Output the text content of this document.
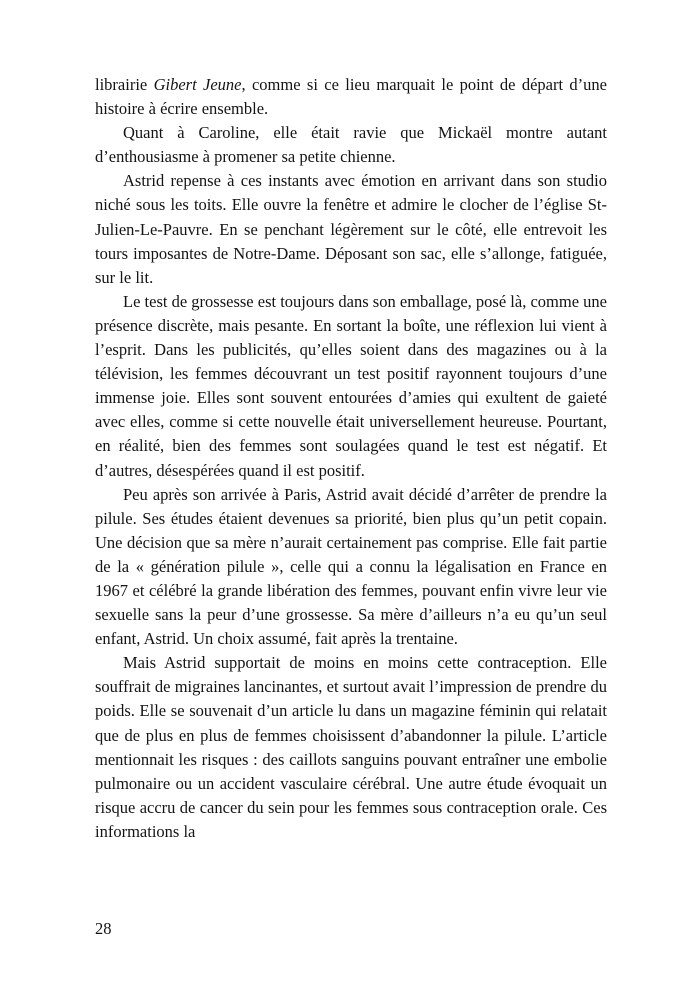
librairie Gibert Jeune, comme si ce lieu marquait le point de départ d’une histoire à écrire ensemble.

Quant à Caroline, elle était ravie que Mickaël montre autant d’enthousiasme à promener sa petite chienne.

Astrid repense à ces instants avec émotion en arrivant dans son studio niché sous les toits. Elle ouvre la fenêtre et admire le clocher de l’église St-Julien-Le-Pauvre. En se penchant légèrement sur le côté, elle entrevoit les tours imposantes de Notre-Dame. Déposant son sac, elle s’allonge, fatiguée, sur le lit.

Le test de grossesse est toujours dans son emballage, posé là, comme une présence discrète, mais pesante. En sortant la boîte, une réflexion lui vient à l’esprit. Dans les publicités, qu’elles soient dans des magazines ou à la télévision, les femmes découvrant un test positif rayonnent toujours d’une immense joie. Elles sont souvent entourées d’amies qui exultent de gaieté avec elles, comme si cette nouvelle était universellement heureuse. Pourtant, en réalité, bien des femmes sont soulagées quand le test est négatif. Et d’autres, désespérées quand il est positif.

Peu après son arrivée à Paris, Astrid avait décidé d’arrêter de prendre la pilule. Ses études étaient devenues sa priorité, bien plus qu’un petit copain. Une décision que sa mère n’aurait certainement pas comprise. Elle fait partie de la « génération pilule », celle qui a connu la légalisation en France en 1967 et célébré la grande libération des femmes, pouvant enfin vivre leur vie sexuelle sans la peur d’une grossesse. Sa mère d’ailleurs n’a eu qu’un seul enfant, Astrid. Un choix assumé, fait après la trentaine.

Mais Astrid supportait de moins en moins cette contraception. Elle souffrait de migraines lancinantes, et surtout avait l’impression de prendre du poids. Elle se souvenait d’un article lu dans un magazine féminin qui relatait que de plus en plus de femmes choisissent d’abandonner la pilule. L’article mentionnait les risques : des caillots sanguins pouvant entraîner une embolie pulmonaire ou un accident vasculaire cérébral. Une autre étude évoquait un risque accru de cancer du sein pour les femmes sous contraception orale. Ces informations la

28
